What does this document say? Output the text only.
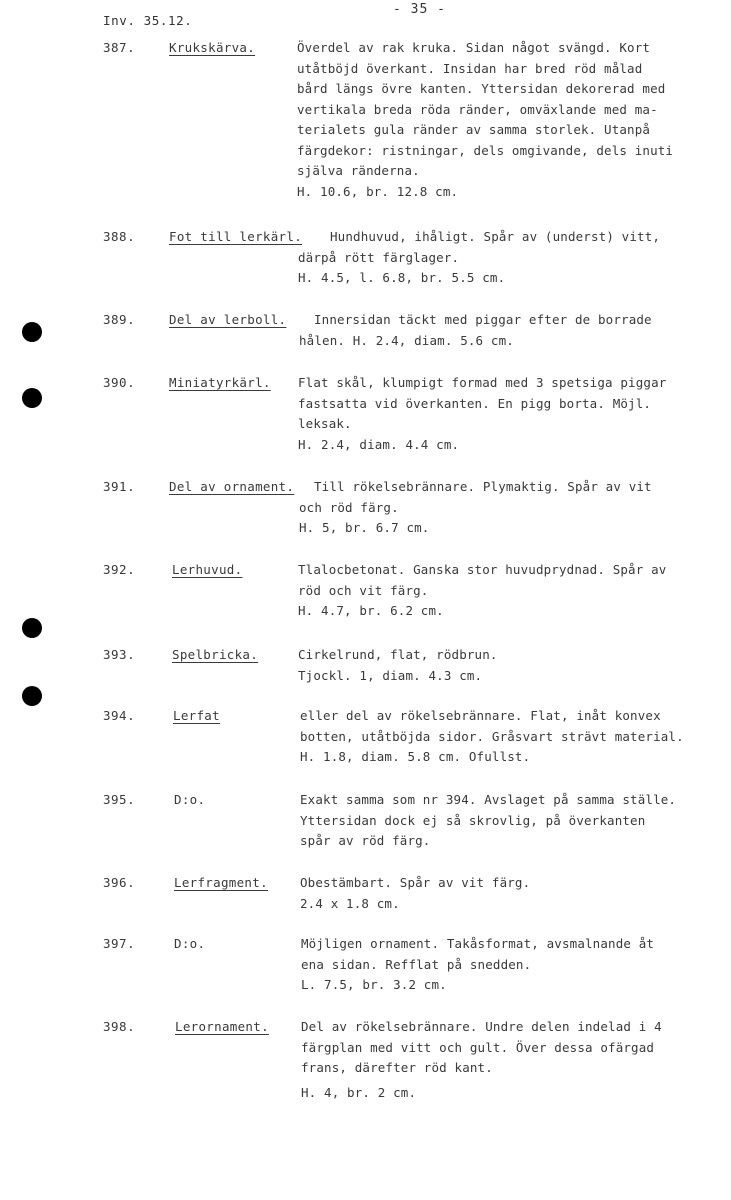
- 35 -
Inv. 35.12.
387.	Krukskärva.	Överdel av rak kruka. Sidan något svängd. Kort
utåtböjd överkant. Insidan har bred röd målad
bård längs övre kanten. Yttersidan dekorerad med
vertikala breda röda ränder, omväxlande med ma-
terialets gula ränder av samma storlek. Utanpå
färgdekor: ristningar, dels omgivande, dels inuti
själva ränderna.
H. 10.6, br. 12.8 cm.
388.	Fot till lerkärl. Hundhuvud, ihåligt. Spår av (underst) vitt,
därpå rött färglager.
H. 4.5, l. 6.8, br. 5.5 cm.
389.	Del av lerboll. Innersidan täckt med piggar efter de borrade
hålen. H. 2.4, diam. 5.6 cm.
390.	Miniatyrkärl. Flat skål, klumpigt formad med 3 spetsiga piggar
fastsatta vid överkanten. En pigg borta. Möjl.
leksak.
H. 2.4, diam. 4.4 cm.
391.	Del av ornament. Till rökelsebrännare. Plymaktig. Spår av vit
och röd färg.
H. 5, br. 6.7 cm.
392.	Lerhuvud.	Tlalocbetonat. Ganska stor huvudprydnad. Spår av
röd och vit färg.
H. 4.7, br. 6.2 cm.
393.	Spelbricka.	Cirkelrund, flat, rödbrun.
Tjockl. 1, diam. 4.3 cm.
394.	Lerfat	eller del av rökelsebrännare. Flat, inåt konvex
botten, utåtböjda sidor. Gråsvart strävt material.
H. 1.8, diam. 5.8 cm. Ofullst.
395.	D:o.	Exakt samma som nr 394. Avslaget på samma ställe.
Yttersidan dock ej så skrovlig, på överkanten
spår av röd färg.
396.	Lerfragment.	Obestämbart. Spår av vit färg.
2.4 x 1.8 cm.
397.	D:o.	Möjligen ornament. Takåsformat, avsmalnande åt
ena sidan. Refflat på snedden.
L. 7.5, br. 3.2 cm.
398.	Lerornament.	Del av rökelsebrännare. Undre delen indelad i 4
färgplan med vitt och gult. Över dessa ofärgad
frans, därefter röd kant.
H. 4, br. 2 cm.
